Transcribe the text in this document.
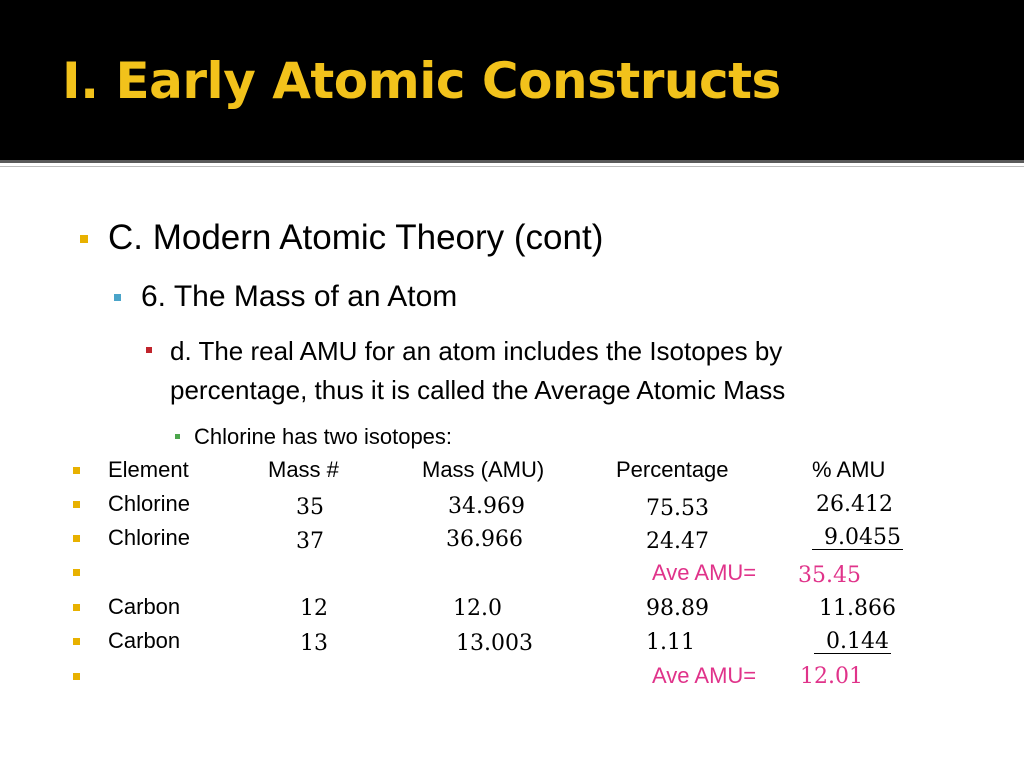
I. Early Atomic Constructs
C. Modern Atomic Theory (cont)
6. The Mass of an Atom
d. The real AMU for an atom includes the Isotopes by
percentage, thus it is called the Average Atomic Mass
Chlorine has two isotopes:
Element	Mass #	Mass (AMU)	Percentage	% AMU
Chlorine	35	34.969	75.53	26.412
Chlorine	37	36.966	24.47	9.0455
Ave AMU= 35.45
Carbon	12	12.0	98.89	11.866
Carbon	13	13.003	1.11	0.144
Ave AMU= 12.01
